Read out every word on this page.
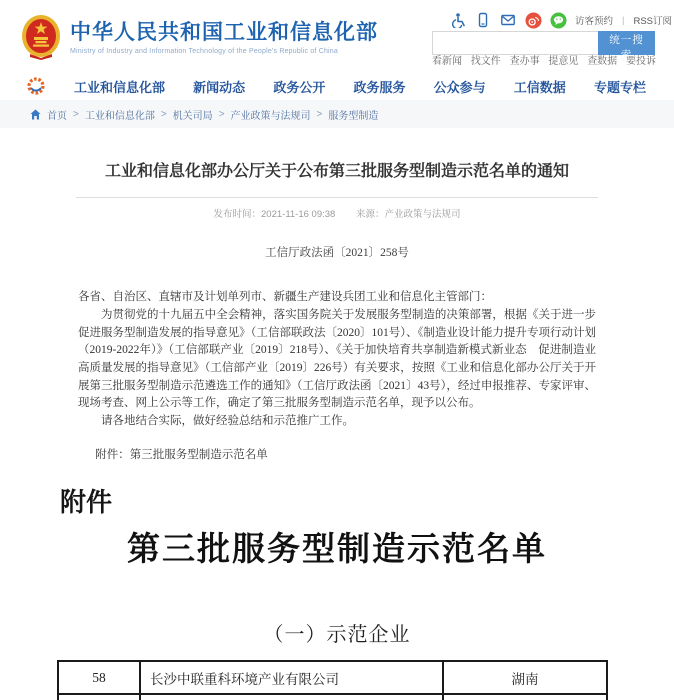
中华人民共和国工业和信息化部
Ministry of Industry and Information Technology of the People's Republic of China
访客预约 | RSS订阅
统一搜索
看新闻 找文件 查办事 提意见 查数据 要投诉
工业和信息化部 新闻动态 政务公开 政务服务 公众参与 工信数据 专题专栏
首页 > 工业和信息化部 > 机关司局 > 产业政策与法规司 > 服务型制造
工业和信息化部办公厅关于公布第三批服务型制造示范名单的通知
发布时间：2021-11-16 09:38 来源：产业政策与法规司
工信厅政法函〔2021〕258号

各省、自治区、直辖市及计划单列市、新疆生产建设兵团工业和信息化主管部门：

为贯彻党的十九届五中全会精神，落实国务院关于发展服务型制造的决策部署，根据《关于进一步促进服务型制造发展的指导意见》（工信部联政法〔2020〕101号）、《制造业设计能力提升专项行动计划（2019-2022年）》（工信部联产业〔2019〕218号）、《关于加快培育共享制造新模式新业态　促进制造业高质量发展的指导意见》（工信部产业〔2019〕226号）有关要求，按照《工业和信息化部办公厅关于开展第三批服务型制造示范遴选工作的通知》（工信厅政法函〔2021〕43号），经过申报推荐、专家评审、现场考查、网上公示等工作，确定了第三批服务型制造示范名单，现予以公布。

请各地结合实际，做好经验总结和示范推广工作。

附件：第三批服务型制造示范名单

附件
第三批服务型制造示范名单
（一）示范企业
58	长沙中联重科环境产业有限公司	湖南
